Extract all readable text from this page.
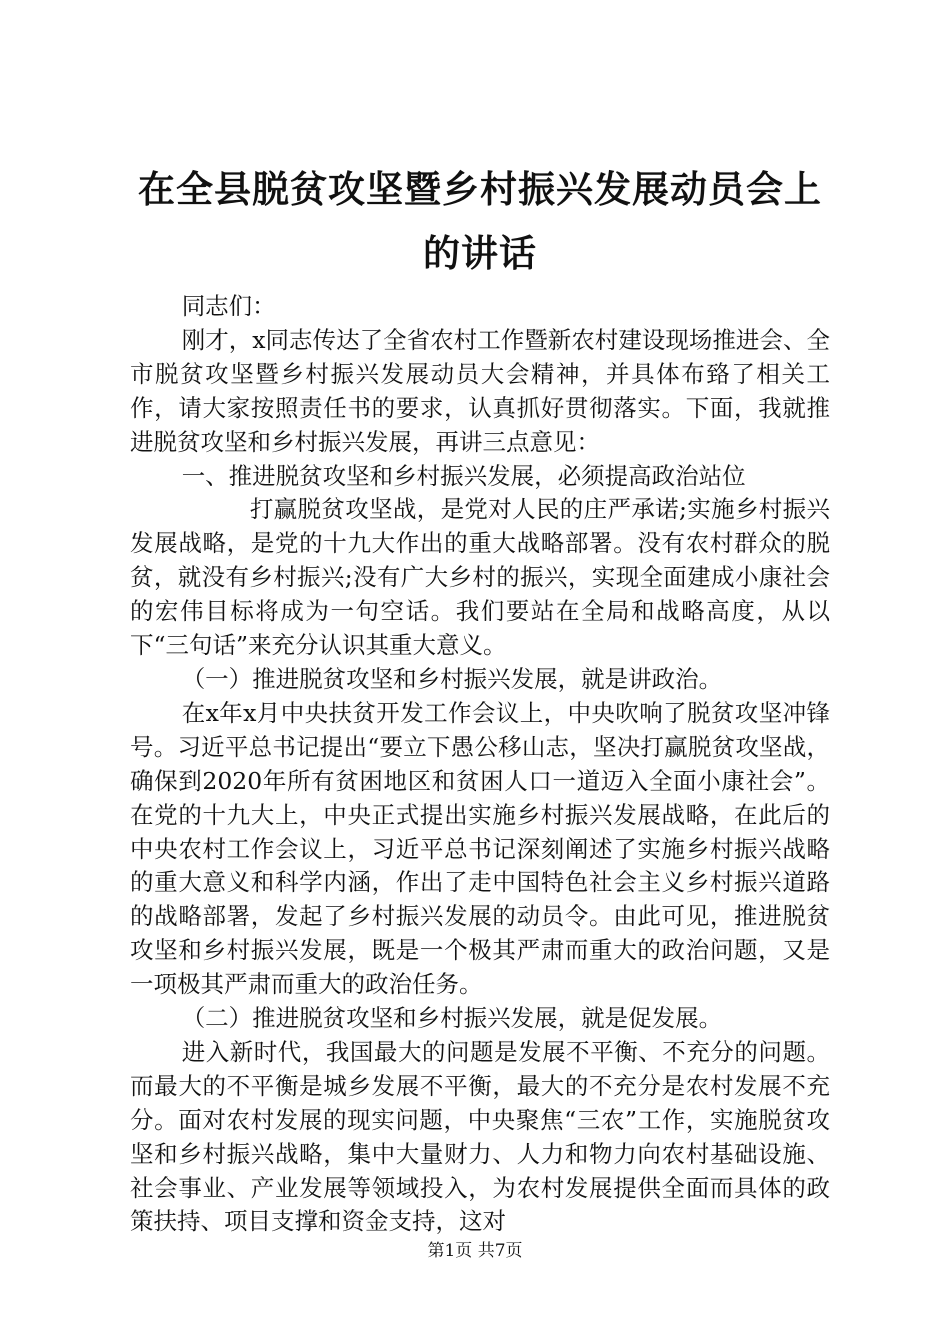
在全县脱贫攻坚暨乡村振兴发展动员会上的讲话

同志们：

刚才，x同志传达了全省农村工作暨新农村建设现场推进会、全市脱贫攻坚暨乡村振兴发展动员大会精神，并具体布臵了相关工作，请大家按照责任书的要求，认真抓好贯彻落实。下面，我就推进脱贫攻坚和乡村振兴发展，再讲三点意见：

一、推进脱贫攻坚和乡村振兴发展，必须提高政治站位

打赢脱贫攻坚战，是党对人民的庄严承诺;实施乡村振兴发展战略，是党的十九大作出的重大战略部署。没有农村群众的脱贫，就没有乡村振兴;没有广大乡村的振兴，实现全面建成小康社会的宏伟目标将成为一句空话。我们要站在全局和战略高度，从以下“三句话”来充分认识其重大意义。

（一）推进脱贫攻坚和乡村振兴发展，就是讲政治。

在x年x月中央扶贫开发工作会议上，中央吹响了脱贫攻坚冲锋号。习近平总书记提出“要立下愚公移山志，坚决打赢脱贫攻坚战，确保到2020年所有贫困地区和贫困人口一道迈入全面小康社会”。在党的十九大上，中央正式提出实施乡村振兴发展战略，在此后的中央农村工作会议上，习近平总书记深刻阐述了实施乡村振兴战略的重大意义和科学内涵，作出了走中国特色社会主义乡村振兴道路的战略部署，发起了乡村振兴发展的动员令。由此可见，推进脱贫攻坚和乡村振兴发展，既是一个极其严肃而重大的政治问题，又是一项极其严肃而重大的政治任务。

（二）推进脱贫攻坚和乡村振兴发展，就是促发展。

进入新时代，我国最大的问题是发展不平衡、不充分的问题。而最大的不平衡是城乡发展不平衡，最大的不充分是农村发展不充分。面对农村发展的现实问题，中央聚焦“三农”工作，实施脱贫攻坚和乡村振兴战略，集中大量财力、人力和物力向农村基础设施、社会事业、产业发展等领域投入，为农村发展提供全面而具体的政策扶持、项目支撑和资金支持，这对

第1页 共7页
